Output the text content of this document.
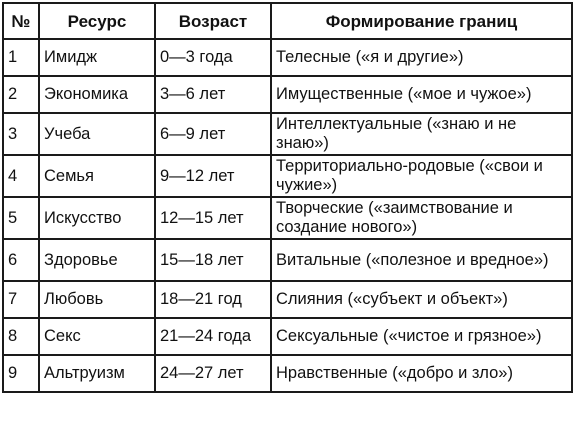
№	Ресурс	Возраст	Формирование границ
1	Имидж	0—3 года	Телесные («я и другие»)
2	Экономика	3—6 лет	Имущественные («мое и чужое»)
3	Учеба	6—9 лет	Интеллектуальные («знаю и не знаю»)
4	Семья	9—12 лет	Территориально-родовые («свои и чужие»)
5	Искусство	12—15 лет	Творческие («заимствование и создание нового»)
6	Здоровье	15—18 лет	Витальные («полезное и вредное»)
7	Любовь	18—21 год	Слияния («субъект и объект»)
8	Секс	21—24 года	Сексуальные («чистое и грязное»)
9	Альтруизм	24—27 лет	Нравственные («добро и зло»)
